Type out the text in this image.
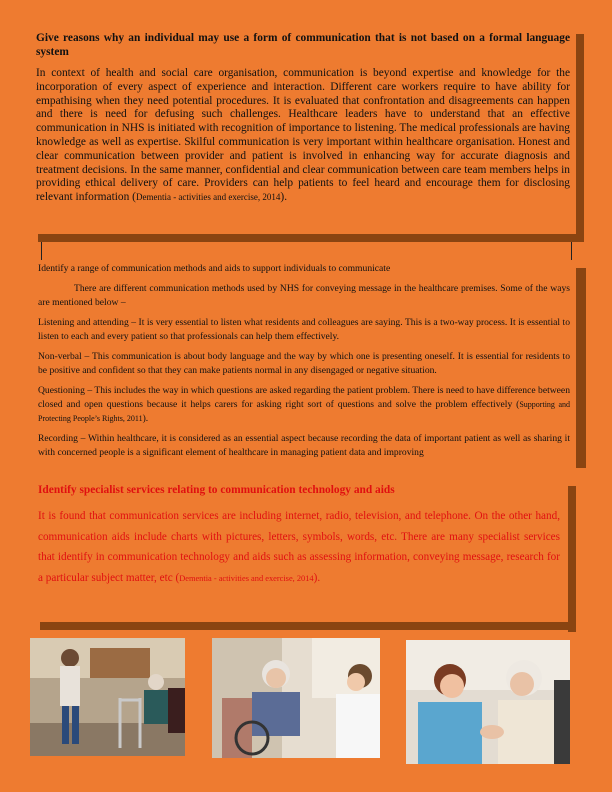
Give reasons why an individual may use a form of communication that is not based on a formal language system
In context of health and social care organisation, communication is beyond expertise and knowledge for the incorporation of every aspect of experience and interaction. Different care workers require to have ability for empathising when they need potential procedures. It is evaluated that confrontation and disagreements can happen and there is need for defusing such challenges. Healthcare leaders have to understand that an effective communication in NHS is initiated with recognition of importance to listening. The medical professionals are having knowledge as well as expertise. Skilful communication is very important within healthcare organisation. Honest and clear communication between provider and patient is involved in enhancing way for accurate diagnosis and treatment decisions. In the same manner, confidential and clear communication between care team members helps in providing ethical delivery of care. Providers can help patients to feel heard and encourage them for disclosing relevant information (Dementia - activities and exercise, 2014).

Identify a range of communication methods and aids to support individuals to communicate

There are different communication methods used by NHS for conveying message in the healthcare premises. Some of the ways are mentioned below –

Listening and attending – It is very essential to listen what residents and colleagues are saying. This is a two-way process. It is essential to listen to each and every patient so that professionals can help them effectively.

Non-verbal – This communication is about body language and the way by which one is presenting oneself. It is essential for residents to be positive and confident so that they can make patients normal in any disengaged or negative situation.

Questioning – This includes the way in which questions are asked regarding the patient problem. There is need to have difference between closed and open questions because it helps carers for asking right sort of questions and solve the problem effectively (Supporting and Protecting People’s Rights, 2011).

Recording – Within healthcare, it is considered as an essential aspect because recording the data of important patient as well as sharing it with concerned people is a significant element of healthcare in managing patient data and improving

Identify specialist services relating to communication technology and aids
It is found that communication services are including internet, radio, television, and telephone. On the other hand, communication aids include charts with pictures, letters, symbols, words, etc. There are many specialist services that identify in communication technology and aids such as assessing information, conveying message, research for a particular subject matter, etc (Dementia - activities and exercise, 2014).
